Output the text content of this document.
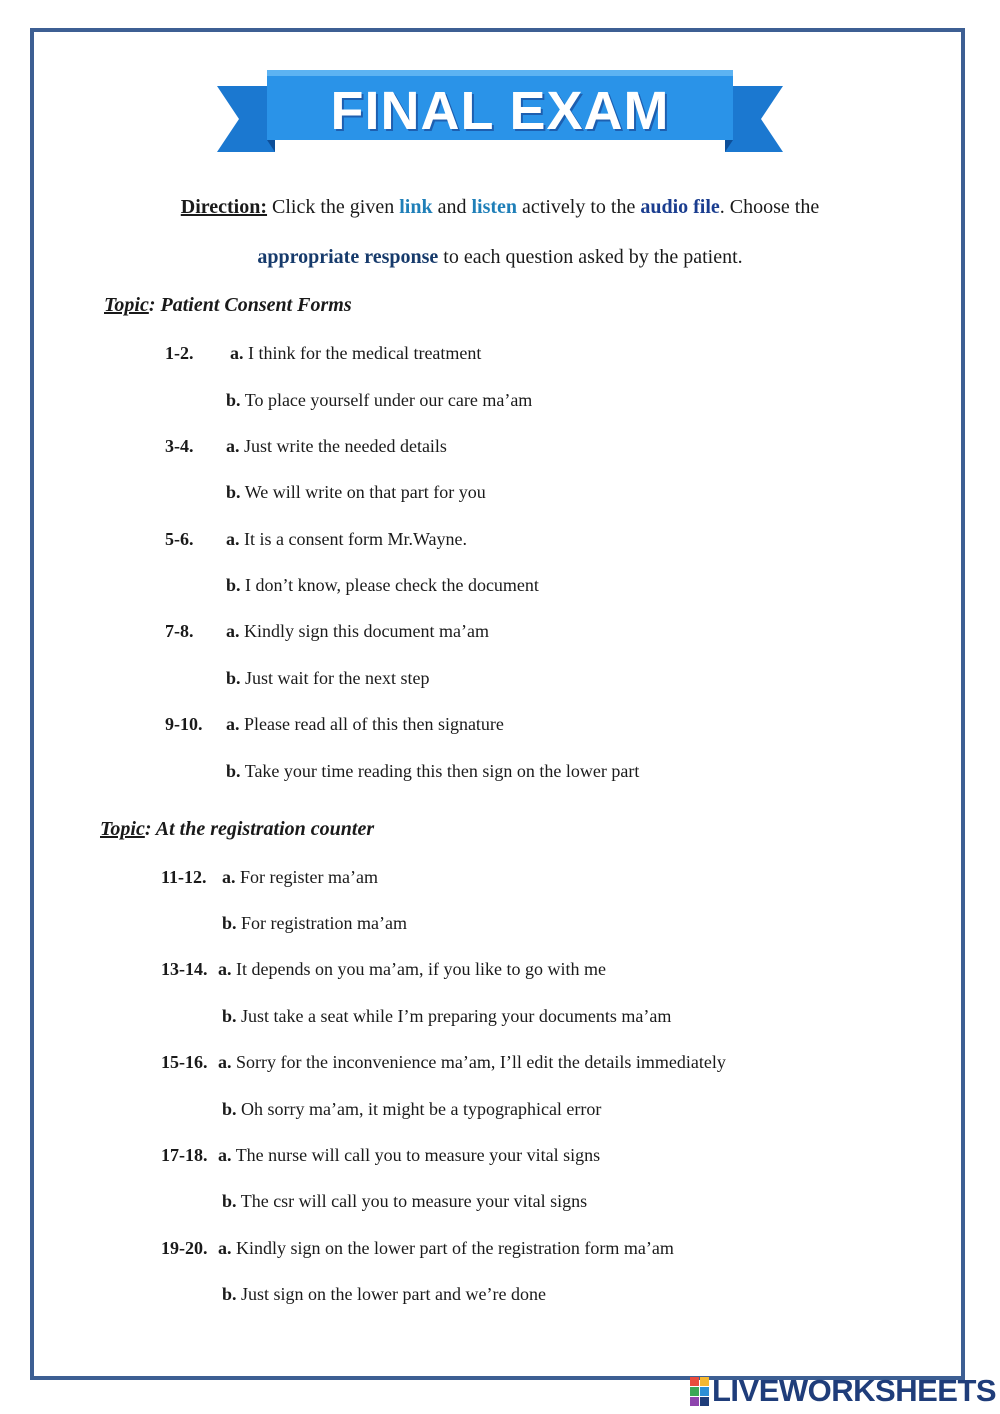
FINAL EXAM
Direction: Click the given link and listen actively to the audio file. Choose the
appropriate response to each question asked by the patient.
Topic: Patient Consent Forms
1-2. a. I think for the medical treatment
b. To place yourself under our care ma’am
3-4. a. Just write the needed details
b. We will write on that part for you
5-6. a. It is a consent form Mr.Wayne.
b. I don’t know, please check the document
7-8. a. Kindly sign this document ma’am
b. Just wait for the next step
9-10. a. Please read all of this then signature
b. Take your time reading this then sign on the lower part
Topic: At the registration counter
11-12. a. For register ma’am
b. For registration ma’am
13-14. a. It depends on you ma’am, if you like to go with me
b. Just take a seat while I’m preparing your documents ma’am
15-16. a. Sorry for the inconvenience ma’am, I’ll edit the details immediately
b. Oh sorry ma’am, it might be a typographical error
17-18. a. The nurse will call you to measure your vital signs
b. The csr will call you to measure your vital signs
19-20. a. Kindly sign on the lower part of the registration form ma’am
b. Just sign on the lower part and we’re done
LIVEWORKSHEETS
